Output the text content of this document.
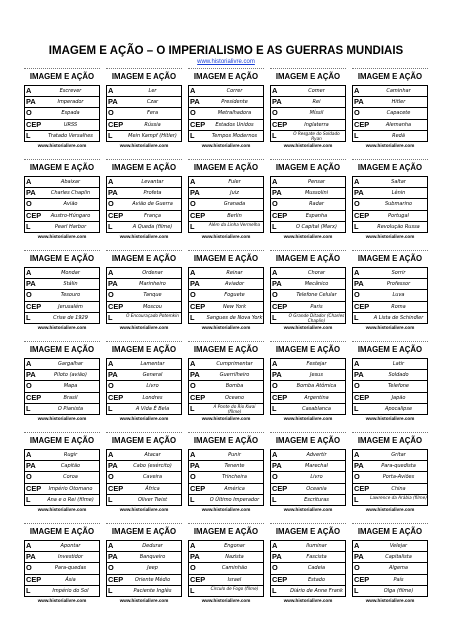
IMAGEM E AÇÃO – O IMPERIALISMO E AS GUERRAS MUNDIAIS
www.historialivre.com
IMAGEM E AÇÃO
A	Escrever
PA	Imperador
O	Espada
CEP	URSS
L	Tratado Versalhes
www.historialivre.com
IMAGEM E AÇÃO
A	Ler
PA	Czar
O	Fera
CEP	Rússia
L	Mein Kampf (Hitler)
www.historialivre.com
IMAGEM E AÇÃO
A	Correr
PA	Presidente
O	Metralhadora
CEP	Estados Unidos
L	Tempos Modernos
www.historialivre.com
IMAGEM E AÇÃO
A	Comer
PA	Rei
O	Míssil
CEP	Inglaterra
L	O Resgate do Soldado Ryan
www.historialivre.com
IMAGEM E AÇÃO
A	Caminhar
PA	Hitler
O	Capacete
CEP	Alemanha
L	Redã
www.historialivre.com
IMAGEM E AÇÃO
A	Abaixar
PA	Charles Chaplin
O	Avião
CEP	Austro-Húngaro
L	Pearl Harbor
www.historialivre.com
IMAGEM E AÇÃO
A	Levantar
PA	Profeta
O	Avião de Guerra
CEP	França
L	A Queda (filme)
www.historialivre.com
IMAGEM E AÇÃO
A	Fuler
PA	Juiz
O	Granada
CEP	Berlin
L	Além da Linha Vermelha
www.historialivre.com
IMAGEM E AÇÃO
A	Pensar
PA	Mussolini
O	Radar
CEP	Espanha
L	O Capital (Marx)
www.historialivre.com
IMAGEM E AÇÃO
A	Saltar
PA	Lênin
O	Submarino
CEP	Portugal
L	Revolução Russa
www.historialivre.com
IMAGEM E AÇÃO
A	Mondar
PA	Stálin
O	Tesouro
CEP	Jerusalém
L	Crise de 1929
www.historialivre.com
IMAGEM E AÇÃO
A	Ordenar
PA	Marinheiro
O	Tanque
CEP	Moscou
L	O Encouraçado Potemkin
www.historialivre.com
IMAGEM E AÇÃO
A	Reinar
PA	Aviador
O	Foguete
CEP	New York
L	Sangues de Nova York
www.historialivre.com
IMAGEM E AÇÃO
A	Chorar
PA	Mecânico
O	Telefone Celular
CEP	Paris
L	O Grande Ditador (Charles Chaplin)
www.historialivre.com
IMAGEM E AÇÃO
A	Sorrir
PA	Professor
O	Luva
CEP	Roma
L	A Lista de Schindler
www.historialivre.com
IMAGEM E AÇÃO
A	Gargalhar
PA	Piloto (avião)
O	Mapa
CEP	Brasil
L	O Pianista
www.historialivre.com
IMAGEM E AÇÃO
A	Lamentar
PA	General
O	Livro
CEP	Londres
L	A Vida É Bela
www.historialivre.com
IMAGEM E AÇÃO
A	Cumprimentar
PA	Guerrilheiro
O	Bomba
CEP	Oceano
L	A Ponte do Rio Kwai (filme)
www.historialivre.com
IMAGEM E AÇÃO
A	Festejar
PA	Jesus
O	Bomba Atômica
CEP	Argentina
L	Casablanca
www.historialivre.com
IMAGEM E AÇÃO
A	Latir
PA	Soldado
O	Telefone
CEP	Japão
L	Apocalipse
www.historialivre.com
IMAGEM E AÇÃO
A	Rugir
PA	Capitão
O	Coroa
CEP	Império Otomano
L	Ana e o Rei (filme)
www.historialivre.com
IMAGEM E AÇÃO
A	Atacar
PA	Cabo (exército)
O	Caveira
CEP	África
L	Oliver Twist
www.historialivre.com
IMAGEM E AÇÃO
A	Punir
PA	Tenente
O	Trincheira
CEP	América
L	O Último Imperador
www.historialivre.com
IMAGEM E AÇÃO
A	Advertir
PA	Marechal
O	Livro
CEP	Oceania
L	Escrituras
www.historialivre.com
IMAGEM E AÇÃO
A	Gritar
PA	Para-quedista
O	Porta-Aviões
CEP	China
L	Lawrence da Arábia (filme)
www.historialivre.com
IMAGEM E AÇÃO
A	Apontar
PA	Investidor
O	Para-quedas
CEP	Ásia
L	Império do Sol
www.historialivre.com
IMAGEM E AÇÃO
A	Dedurar
PA	Banqueiro
O	Jeep
CEP	Oriente Médio
L	Paciente Inglês
www.historialivre.com
IMAGEM E AÇÃO
A	Engonar
PA	Nazista
O	Caminhão
CEP	Israel
L	Círculo de Fogo (filme)
www.historialivre.com
IMAGEM E AÇÃO
A	Iluminar
PA	Fascista
O	Cadeia
CEP	Estado
L	Diário de Anne Frank
www.historialivre.com
IMAGEM E AÇÃO
A	Velejar
PA	Capitalista
O	Algema
CEP	País
L	Olga (filme)
www.historialivre.com
